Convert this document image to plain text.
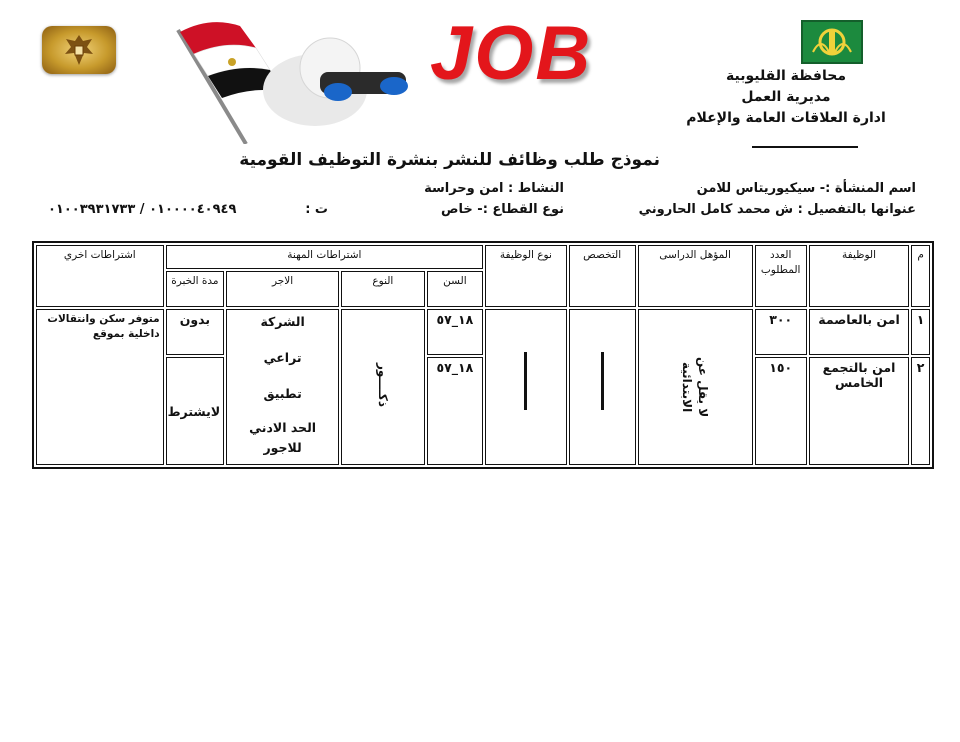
JOB	محافظة القليوبية
مديرية العمل
ادارة العلاقات العامة والإعلام
نموذج طلب وظائف للنشر بنشرة التوظيف القومية
اسم المنشأة :- سيكيوريتاس للامن
النشاط : امن وحراسة
عنوانها بالتفصيل : ش محمد كامل الحاروني
نوع القطاع :- خاص
ت :
٠١٠٠٠٠٤٠٩٤٩ / ٠١٠٠٣٩٣١٧٣٣
م	الوظيفة	العدد المطلوب	المؤهل الدراسى	التخصص	نوع الوظيفة	اشتراطات المهنة				اشتراطات اخري
						السن	النوع	الاجر	مدة الخبرة	
١	امن بالعاصمة	٣٠٠	لا يقل عن الابتدائية			١٨_٥٧	ذكــــور	الشركة
تراعي
تطبيق
الحد الادني للاجور	بدون	متوفر سكن وانتقالات داخلية بموقع
٢	امن بالتجمع الخامس	١٥٠				١٨_٥٧			لايشترط	
